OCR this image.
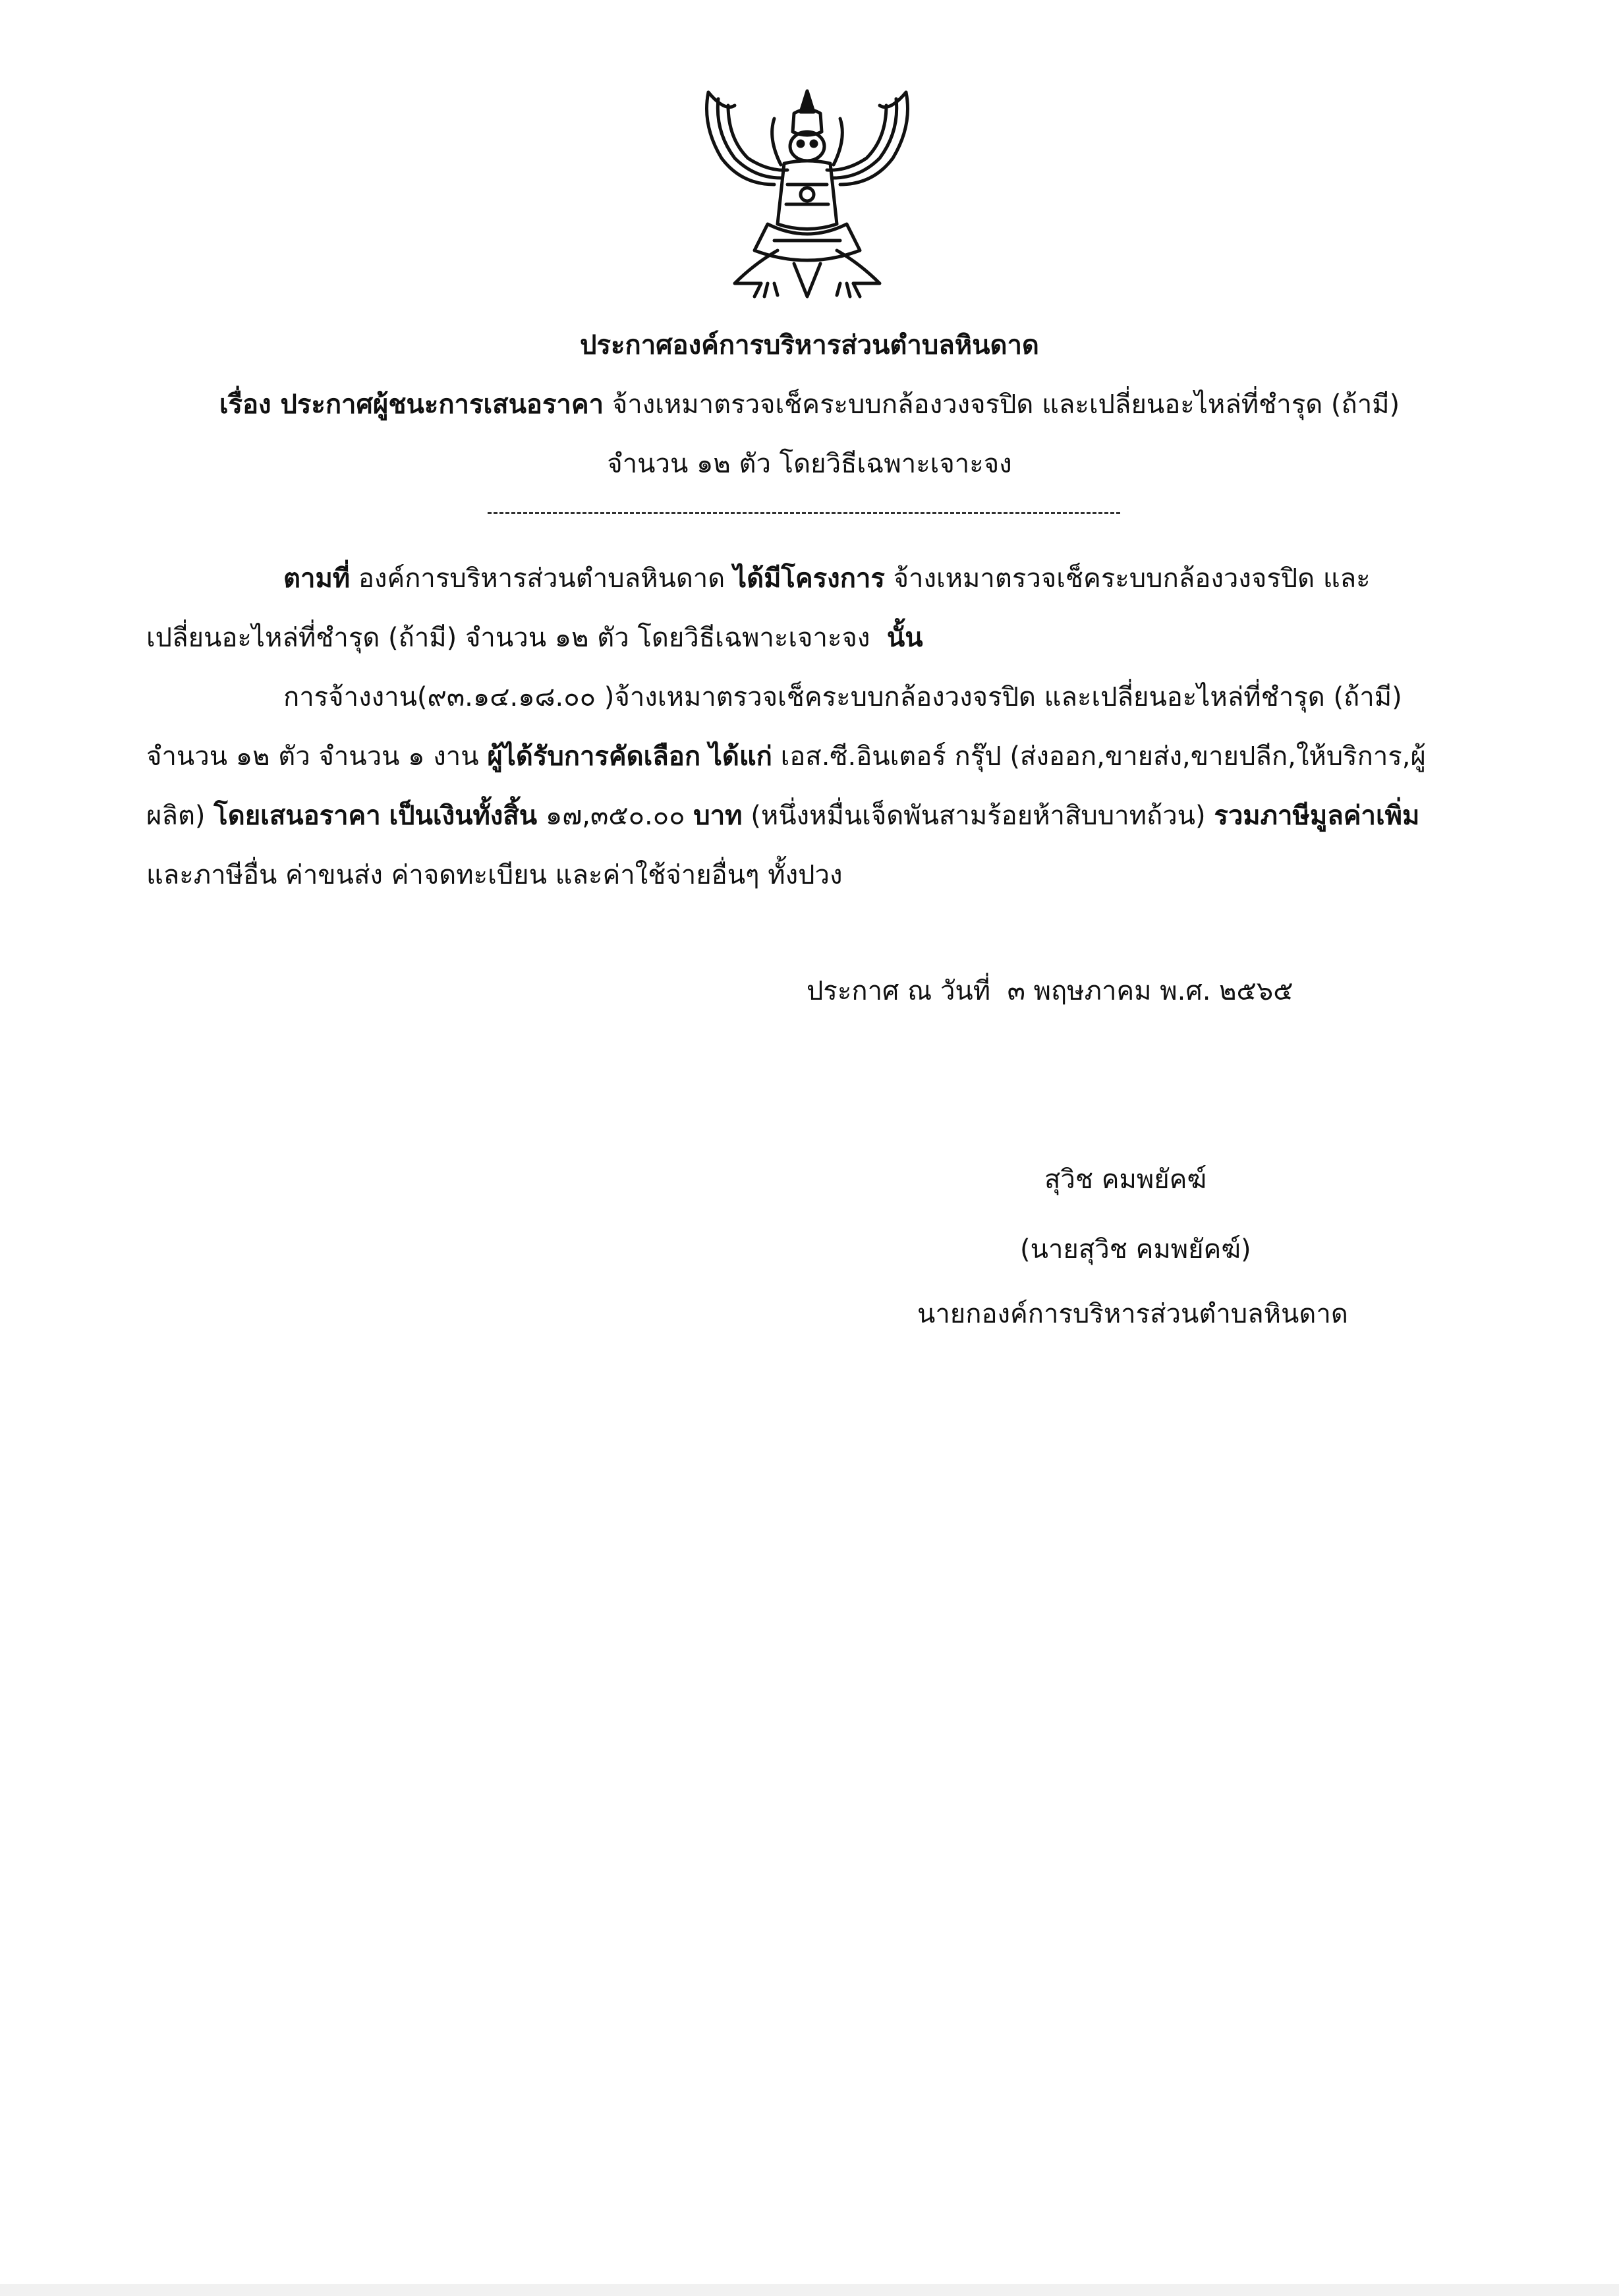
ประกาศองค์การบริหารส่วนตำบลหินดาด
เรื่อง ประกาศผู้ชนะการเสนอราคา จ้างเหมาตรวจเช็คระบบกล้องวงจรปิด และเปลี่ยนอะไหล่ที่ชำรุด (ถ้ามี)
จำนวน ๑๒ ตัว โดยวิธีเฉพาะเจาะจง
ตามที่ องค์การบริหารส่วนตำบลหินดาด ได้มีโครงการ จ้างเหมาตรวจเช็คระบบกล้องวงจรปิด และ
เปลี่ยนอะไหล่ที่ชำรุด (ถ้ามี) จำนวน ๑๒ ตัว โดยวิธีเฉพาะเจาะจง นั้น
การจ้างงาน(๙๓.๑๔.๑๘.๐๐ )จ้างเหมาตรวจเช็คระบบกล้องวงจรปิด และเปลี่ยนอะไหล่ที่ชำรุด (ถ้ามี)
จำนวน ๑๒ ตัว จำนวน ๑ งาน ผู้ได้รับการคัดเลือก ได้แก่ เอส.ซี.อินเตอร์ กรุ๊ป (ส่งออก,ขายส่ง,ขายปลีก,ให้บริการ,ผู้
ผลิต) โดยเสนอราคา เป็นเงินทั้งสิ้น ๑๗,๓๕๐.๐๐ บาท (หนึ่งหมื่นเจ็ดพันสามร้อยห้าสิบบาทถ้วน) รวมภาษีมูลค่าเพิ่ม
และภาษีอื่น ค่าขนส่ง ค่าจดทะเบียน และค่าใช้จ่ายอื่นๆ ทั้งปวง
ประกาศ ณ วันที่ ๓ พฤษภาคม พ.ศ. ๒๕๖๕
สุวิช คมพยัคฆ์
(นายสุวิช คมพยัคฆ์)
นายกองค์การบริหารส่วนตำบลหินดาด
